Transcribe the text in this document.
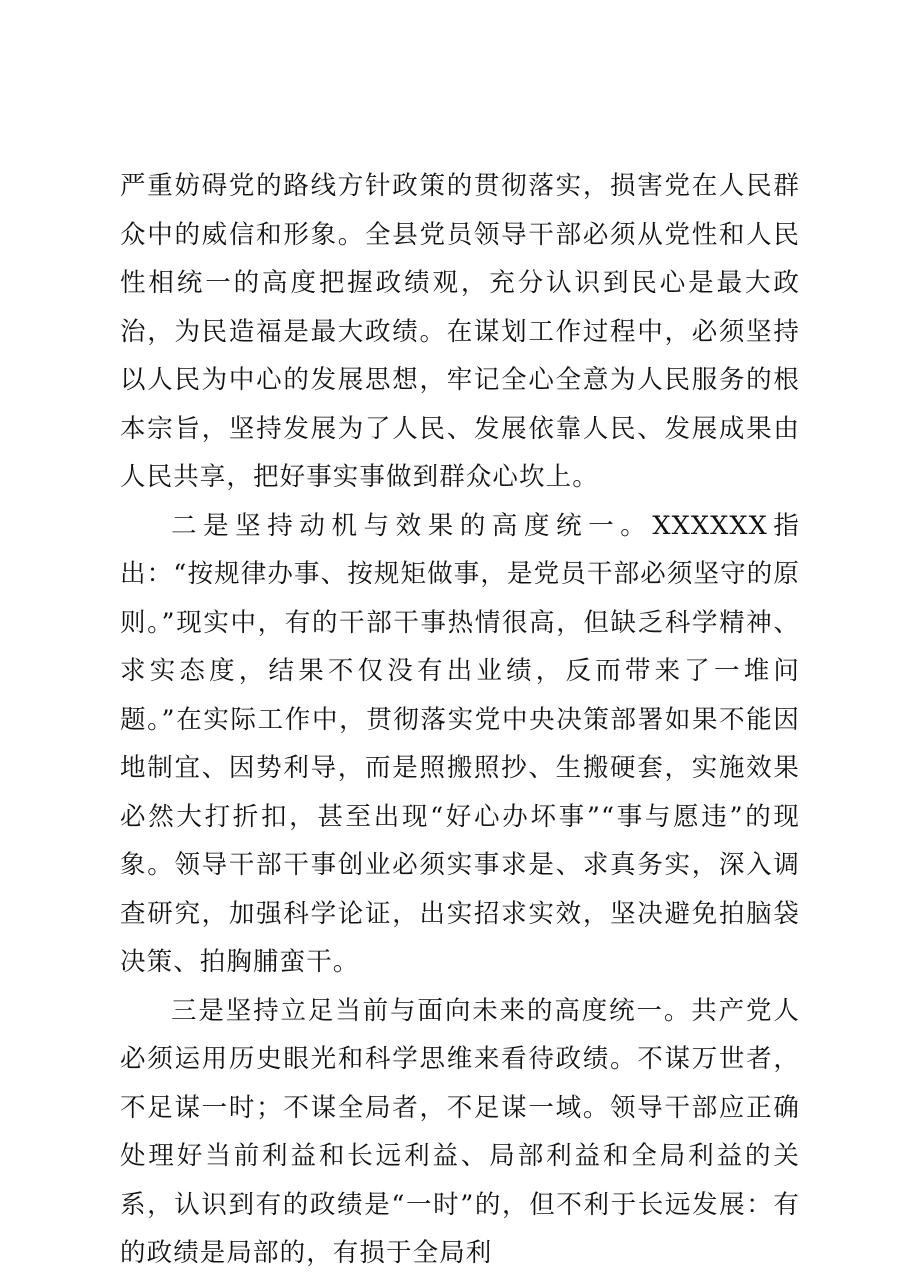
严重妨碍党的路线方针政策的贯彻落实，损害党在人民群众中的威信和形象。全县党员领导干部必须从党性和人民性相统一的高度把握政绩观，充分认识到民心是最大政治，为民造福是最大政绩。在谋划工作过程中，必须坚持以人民为中心的发展思想，牢记全心全意为人民服务的根本宗旨，坚持发展为了人民、发展依靠人民、发展成果由人民共享，把好事实事做到群众心坎上。

二是坚持动机与效果的高度统一。XXXXXX指出：“按规律办事、按规矩做事，是党员干部必须坚守的原则。”现实中，有的干部干事热情很高，但缺乏科学精神、求实态度，结果不仅没有出业绩，反而带来了一堆问题。”在实际工作中，贯彻落实党中央决策部署如果不能因地制宜、因势利导，而是照搬照抄、生搬硬套，实施效果必然大打折扣，甚至出现“好心办坏事”“事与愿违”的现象。领导干部干事创业必须实事求是、求真务实，深入调查研究，加强科学论证，出实招求实效，坚决避免拍脑袋决策、拍胸脯蛮干。

三是坚持立足当前与面向未来的高度统一。共产党人必须运用历史眼光和科学思维来看待政绩。不谋万世者，不足谋一时；不谋全局者，不足谋一域。领导干部应正确处理好当前利益和长远利益、局部利益和全局利益的关系，认识到有的政绩是“一时”的，但不利于长远发展：有的政绩是局部的，有损于全局利
